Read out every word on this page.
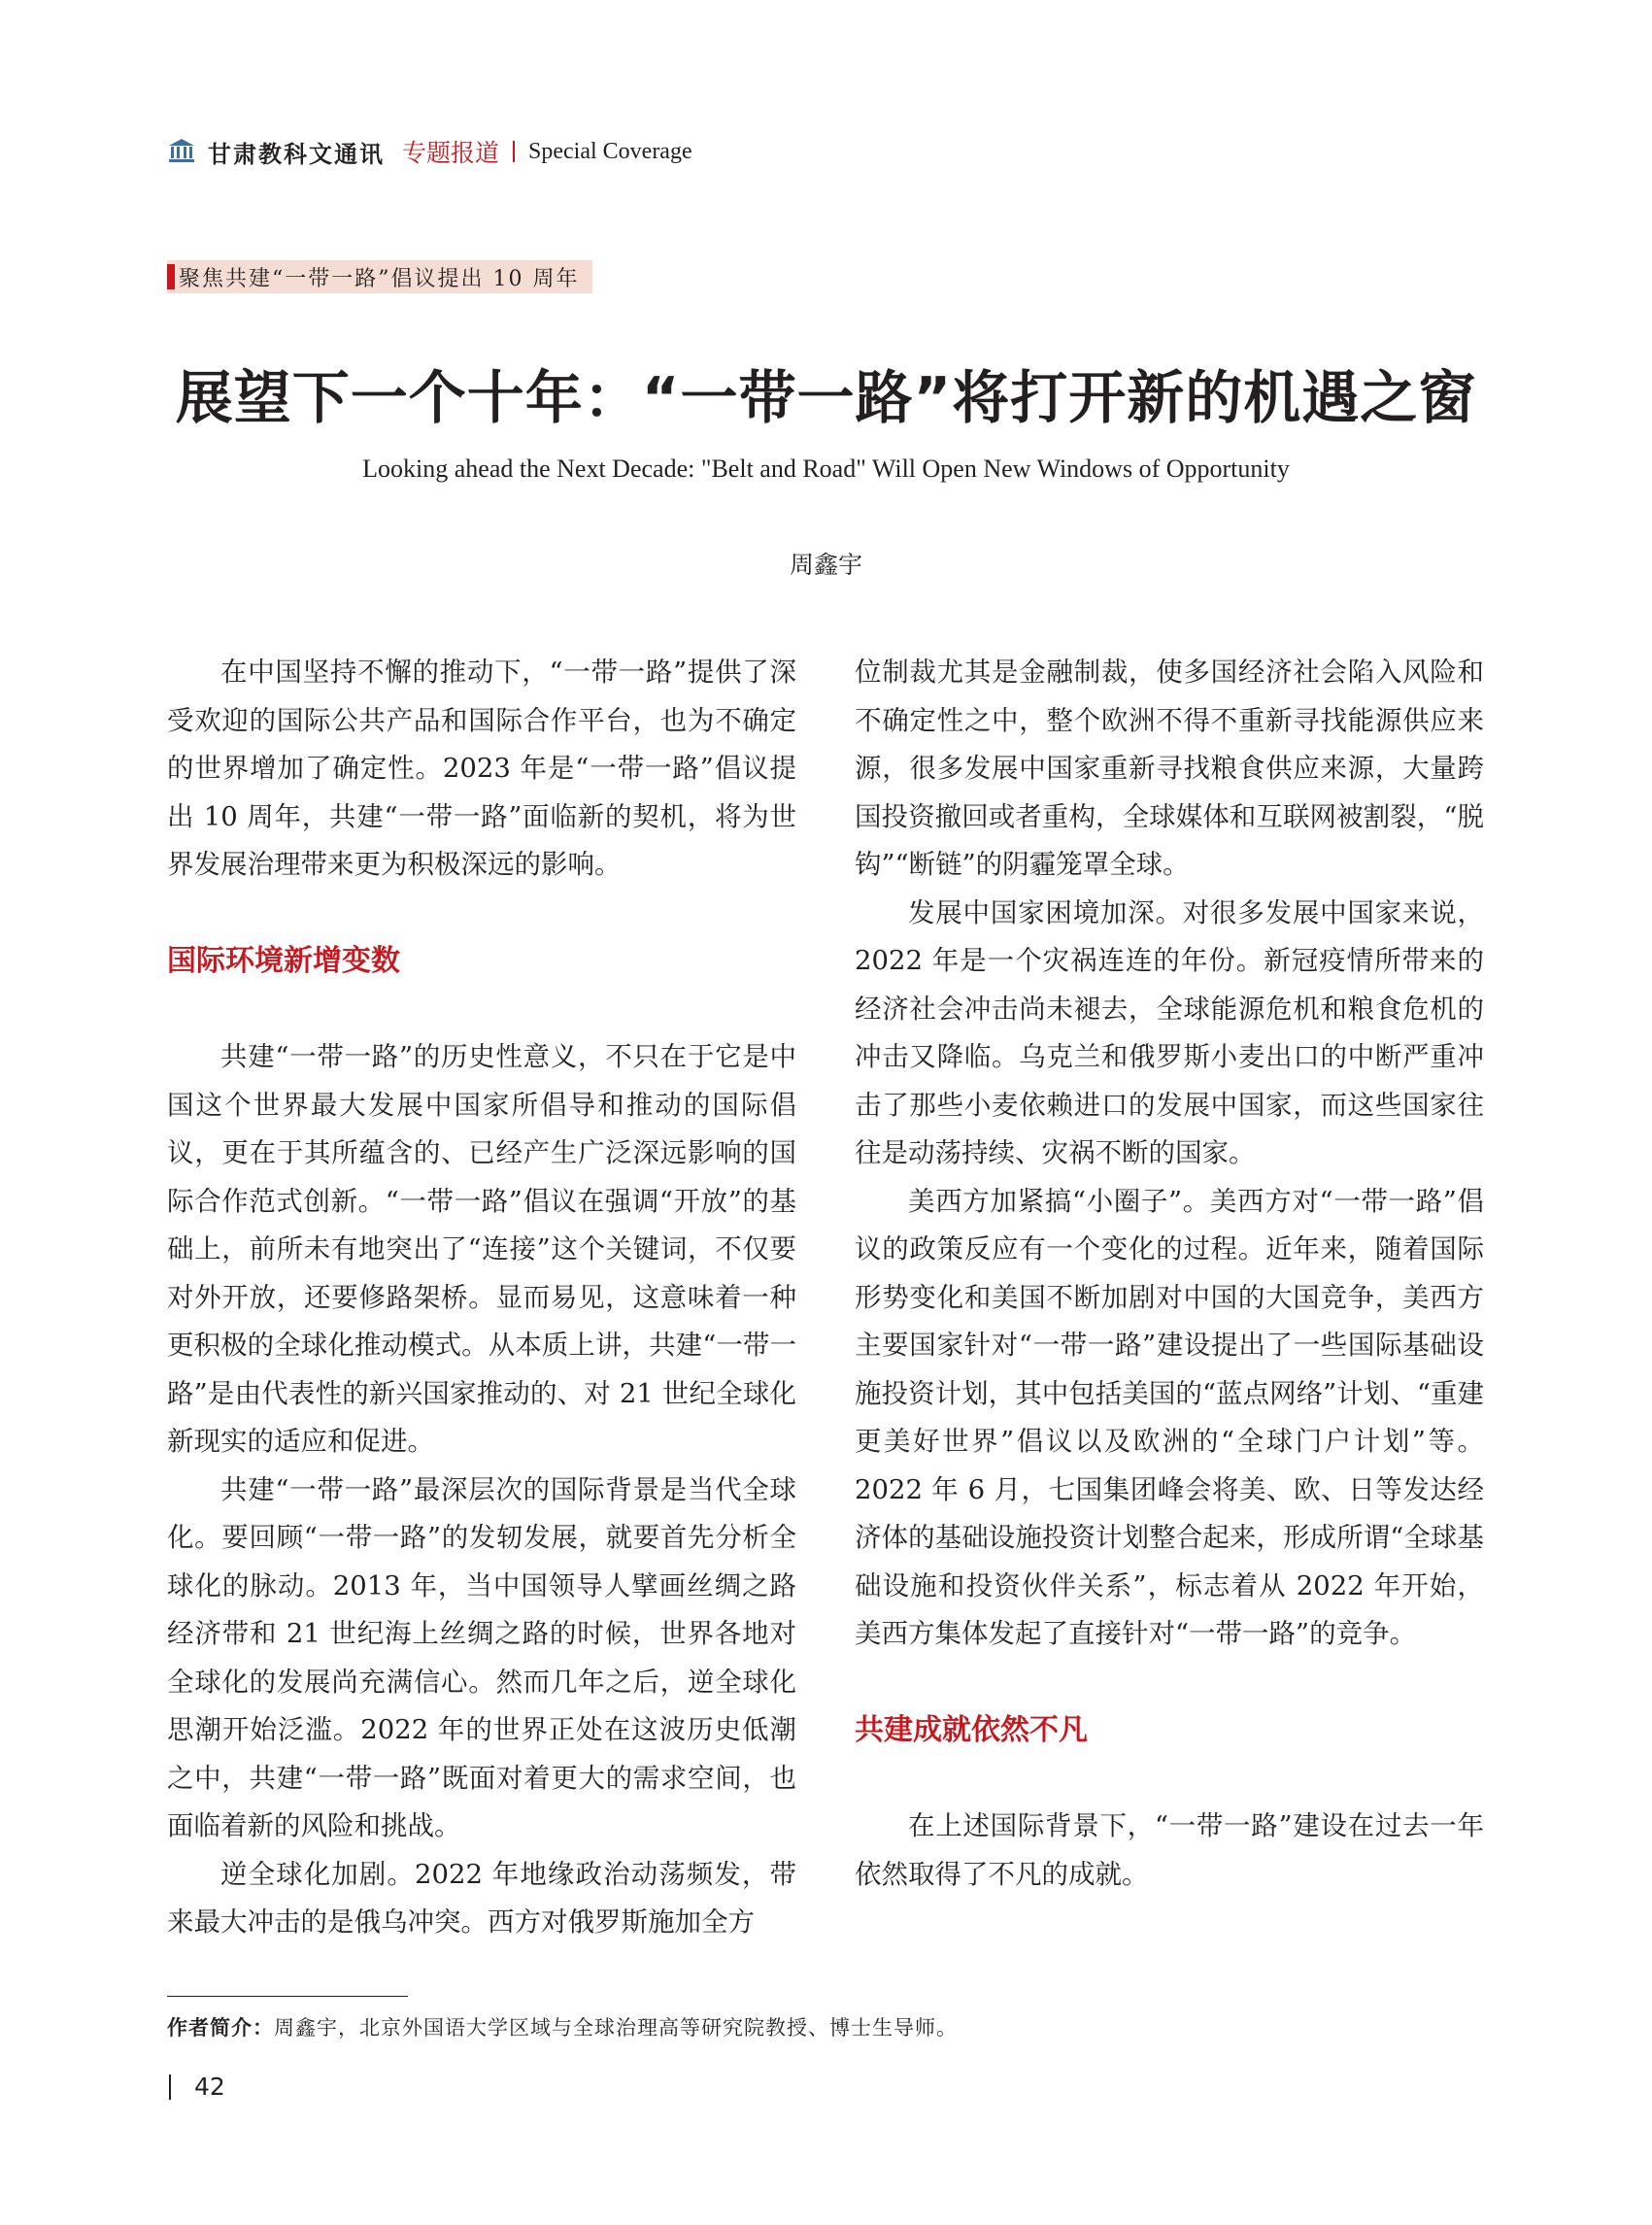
甘肃教科文通讯 专题报道 Special Coverage
聚焦共建“一带一路”倡议提出 10 周年
展望下一个十年：“一带一路”将打开新的机遇之窗
Looking ahead the Next Decade: "Belt and Road" Will Open New Windows of Opportunity
周鑫宇

在中国坚持不懈的推动下，“一带一路”提供了深受欢迎的国际公共产品和国际合作平台，也为不确定的世界增加了确定性。2023 年是“一带一路”倡议提出 10 周年，共建“一带一路”面临新的契机，将为世界发展治理带来更为积极深远的影响。

国际环境新增变数

共建“一带一路”的历史性意义，不只在于它是中国这个世界最大发展中国家所倡导和推动的国际倡议，更在于其所蕴含的、已经产生广泛深远影响的国际合作范式创新。“一带一路”倡议在强调“开放”的基础上，前所未有地突出了“连接”这个关键词，不仅要对外开放，还要修路架桥。显而易见，这意味着一种更积极的全球化推动模式。从本质上讲，共建“一带一路”是由代表性的新兴国家推动的、对 21 世纪全球化新现实的适应和促进。

共建“一带一路”最深层次的国际背景是当代全球化。要回顾“一带一路”的发轫发展，就要首先分析全球化的脉动。2013 年，当中国领导人擘画丝绸之路经济带和 21 世纪海上丝绸之路的时候，世界各地对全球化的发展尚充满信心。然而几年之后，逆全球化思潮开始泛滥。2022 年的世界正处在这波历史低潮之中，共建“一带一路”既面对着更大的需求空间，也面临着新的风险和挑战。

逆全球化加剧。2022 年地缘政治动荡频发，带来最大冲击的是俄乌冲突。西方对俄罗斯施加全方

位制裁尤其是金融制裁，使多国经济社会陷入风险和不确定性之中，整个欧洲不得不重新寻找能源供应来源，很多发展中国家重新寻找粮食供应来源，大量跨国投资撤回或者重构，全球媒体和互联网被割裂，“脱钩”“断链”的阴霾笼罩全球。

发展中国家困境加深。对很多发展中国家来说，2022 年是一个灾祸连连的年份。新冠疫情所带来的经济社会冲击尚未褪去，全球能源危机和粮食危机的冲击又降临。乌克兰和俄罗斯小麦出口的中断严重冲击了那些小麦依赖进口的发展中国家，而这些国家往往是动荡持续、灾祸不断的国家。

美西方加紧搞“小圈子”。美西方对“一带一路”倡议的政策反应有一个变化的过程。近年来，随着国际形势变化和美国不断加剧对中国的大国竞争，美西方主要国家针对“一带一路”建设提出了一些国际基础设施投资计划，其中包括美国的“蓝点网络”计划、“重建更美好世界”倡议以及欧洲的“全球门户计划”等。2022 年 6 月，七国集团峰会将美、欧、日等发达经济体的基础设施投资计划整合起来，形成所谓“全球基础设施和投资伙伴关系”，标志着从 2022 年开始，美西方集体发起了直接针对“一带一路”的竞争。

共建成就依然不凡

在上述国际背景下，“一带一路”建设在过去一年依然取得了不凡的成就。

作者简介：周鑫宇，北京外国语大学区域与全球治理高等研究院教授、博士生导师。
42
